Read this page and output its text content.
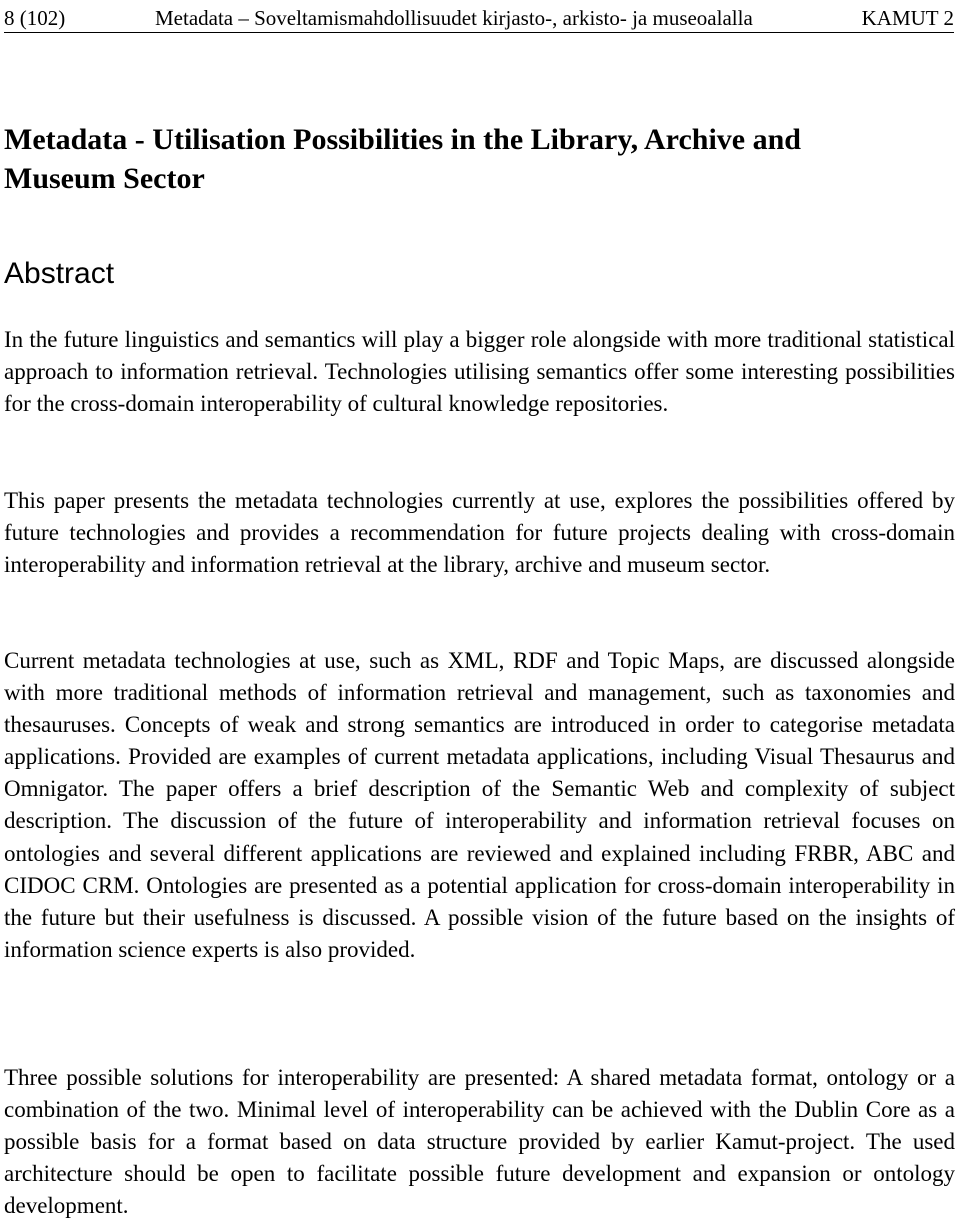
8 (102)	Metadata – Soveltamismahdollisuudet kirjasto-, arkisto- ja museoalalla	KAMUT 2
Metadata - Utilisation Possibilities in the Library, Archive and Museum Sector
Abstract

In the future linguistics and semantics will play a bigger role alongside with more traditional statistical approach to information retrieval. Technologies utilising semantics offer some interesting possibilities for the cross-domain interoperability of cultural knowledge repositories.

This paper presents the metadata technologies currently at use, explores the possibilities offered by future technologies and provides a recommendation for future projects dealing with cross-domain interoperability and information retrieval at the library, archive and museum sector.

Current metadata technologies at use, such as XML, RDF and Topic Maps, are discussed alongside with more traditional methods of information retrieval and management, such as taxonomies and thesauruses. Concepts of weak and strong semantics are introduced in order to categorise metadata applications. Provided are examples of current metadata applications, including Visual Thesaurus and Omnigator. The paper offers a brief description of the Semantic Web and complexity of subject description. The discussion of the future of interoperability and information retrieval focuses on ontologies and several different applications are reviewed and explained including FRBR, ABC and CIDOC CRM. Ontologies are presented as a potential application for cross-domain interoperability in the future but their usefulness is discussed. A possible vision of the future based on the insights of information science experts is also provided.

Three possible solutions for interoperability are presented: A shared metadata format, ontology or a combination of the two. Minimal level of interoperability can be achieved with the Dublin Core as a possible basis for a format based on data structure provided by earlier Kamut-project. The used architecture should be open to facilitate possible future development and expansion or ontology development.
